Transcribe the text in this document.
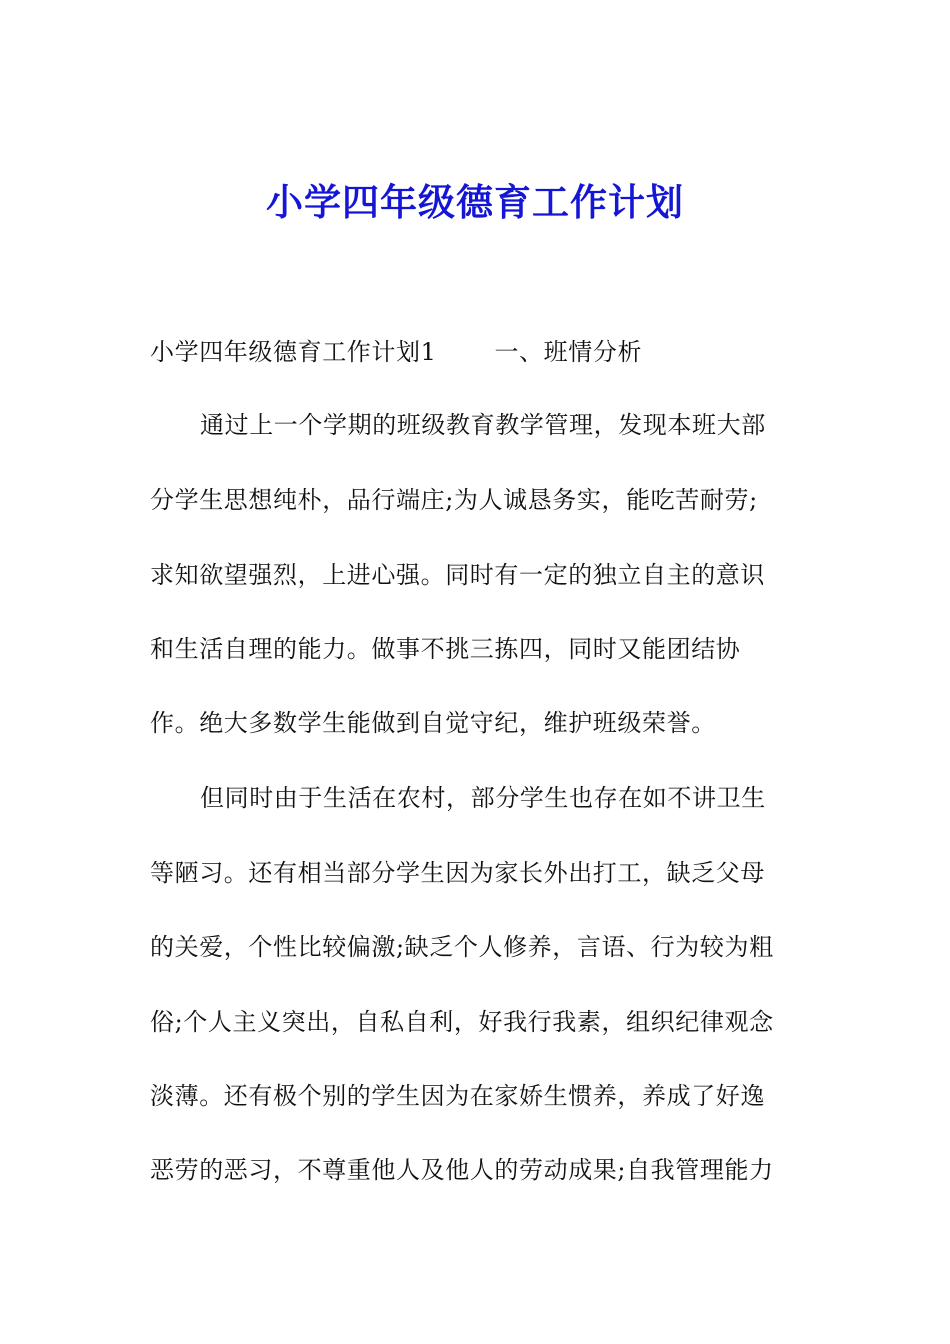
小学四年级德育工作计划
小学四年级德育工作计划1 一、班情分析
通过上一个学期的班级教育教学管理，发现本班大部
分学生思想纯朴，品行端庄;为人诚恳务实，能吃苦耐劳;
求知欲望强烈，上进心强。同时有一定的独立自主的意识
和生活自理的能力。做事不挑三拣四，同时又能团结协
作。绝大多数学生能做到自觉守纪，维护班级荣誉。
但同时由于生活在农村，部分学生也存在如不讲卫生
等陋习。还有相当部分学生因为家长外出打工，缺乏父母
的关爱，个性比较偏激;缺乏个人修养，言语、行为较为粗
俗;个人主义突出，自私自利，好我行我素，组织纪律观念
淡薄。还有极个别的学生因为在家娇生惯养，养成了好逸
恶劳的恶习，不尊重他人及他人的劳动成果;自我管理能力
